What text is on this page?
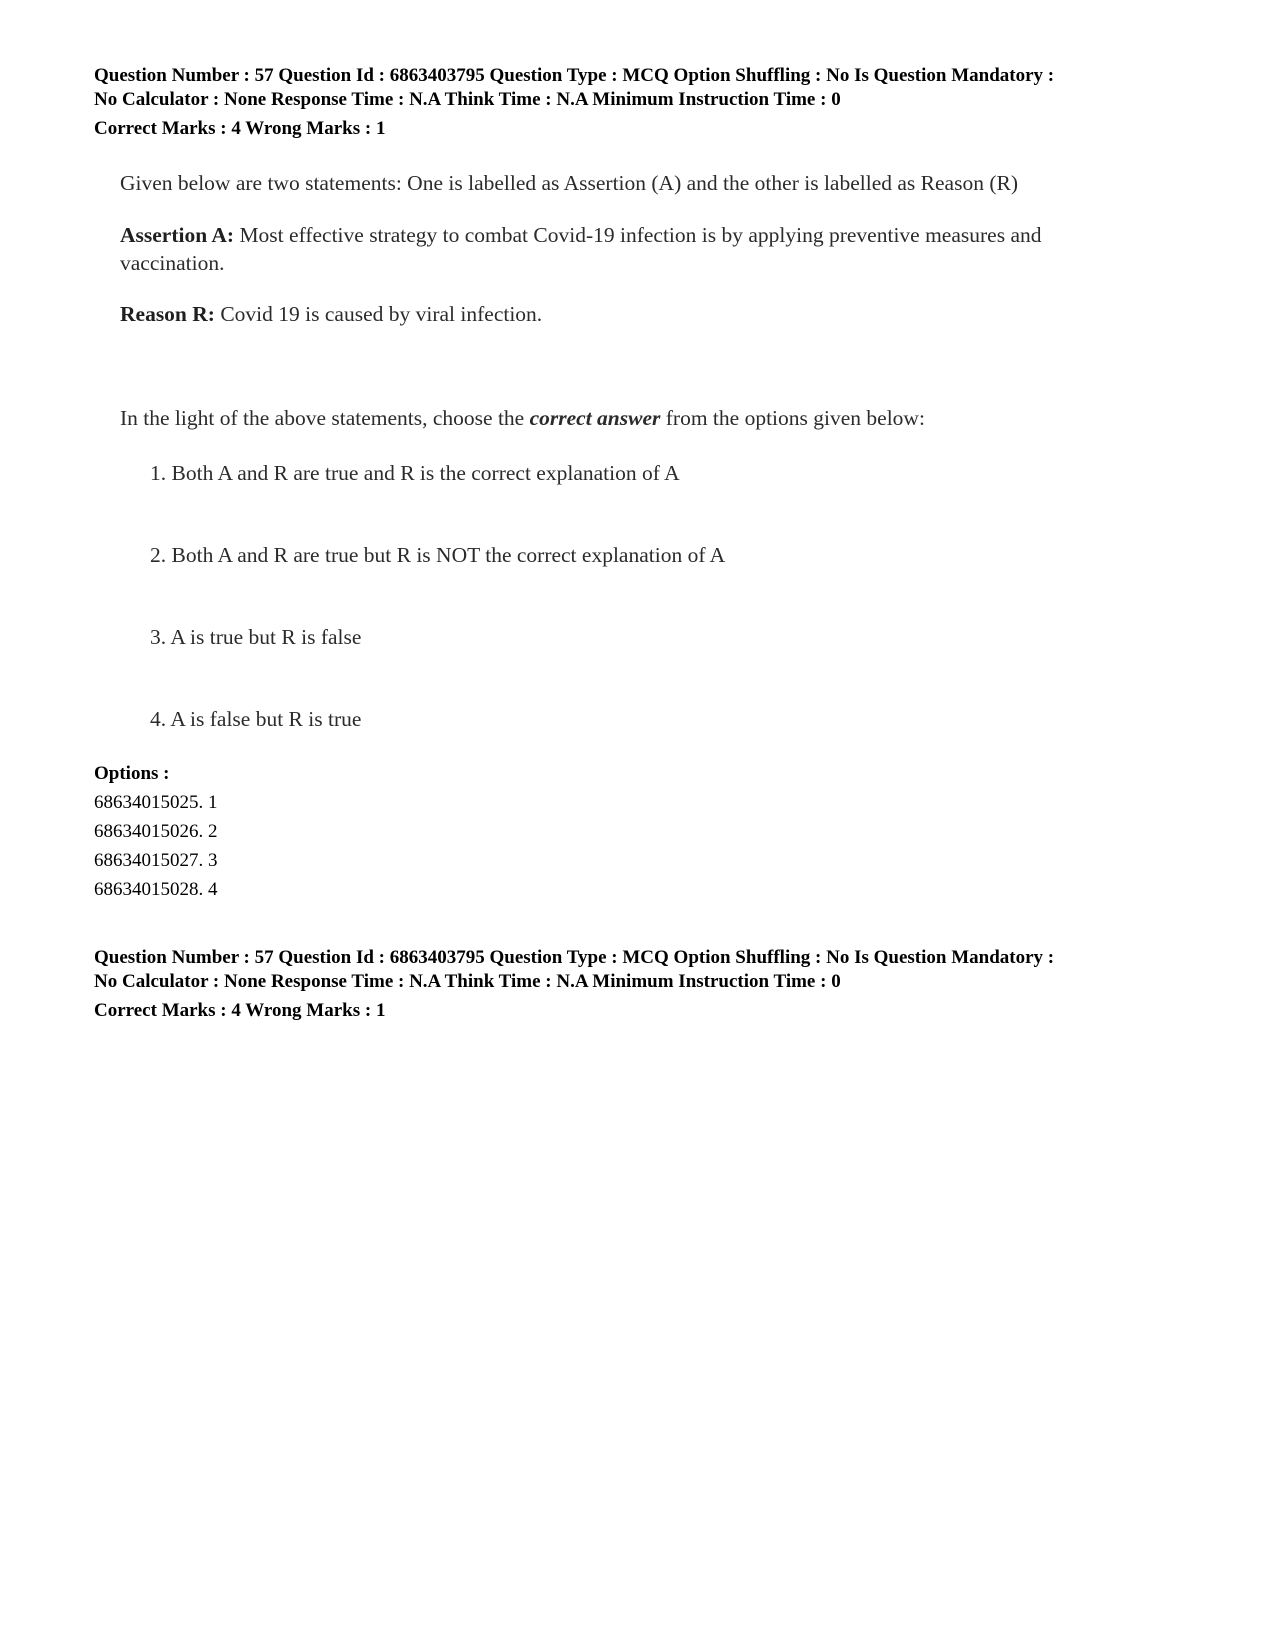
Question Number : 57 Question Id : 6863403795 Question Type : MCQ Option Shuffling : No Is Question Mandatory :
No Calculator : None Response Time : N.A Think Time : N.A Minimum Instruction Time : 0
Correct Marks : 4 Wrong Marks : 1
Given below are two statements: One is labelled as Assertion (A) and the other is labelled as Reason (R)
Assertion A: Most effective strategy to combat Covid-19 infection is by applying preventive measures and vaccination.
Reason R: Covid 19 is caused by viral infection.
In the light of the above statements, choose the correct answer from the options given below:
1. Both A and R are true and R is the correct explanation of A
2. Both A and R are true but R is NOT the correct explanation of A
3. A is true but R is false
4. A is false but R is true
Options :
68634015025. 1
68634015026. 2
68634015027. 3
68634015028. 4
Question Number : 57 Question Id : 6863403795 Question Type : MCQ Option Shuffling : No Is Question Mandatory :
No Calculator : None Response Time : N.A Think Time : N.A Minimum Instruction Time : 0
Correct Marks : 4 Wrong Marks : 1
